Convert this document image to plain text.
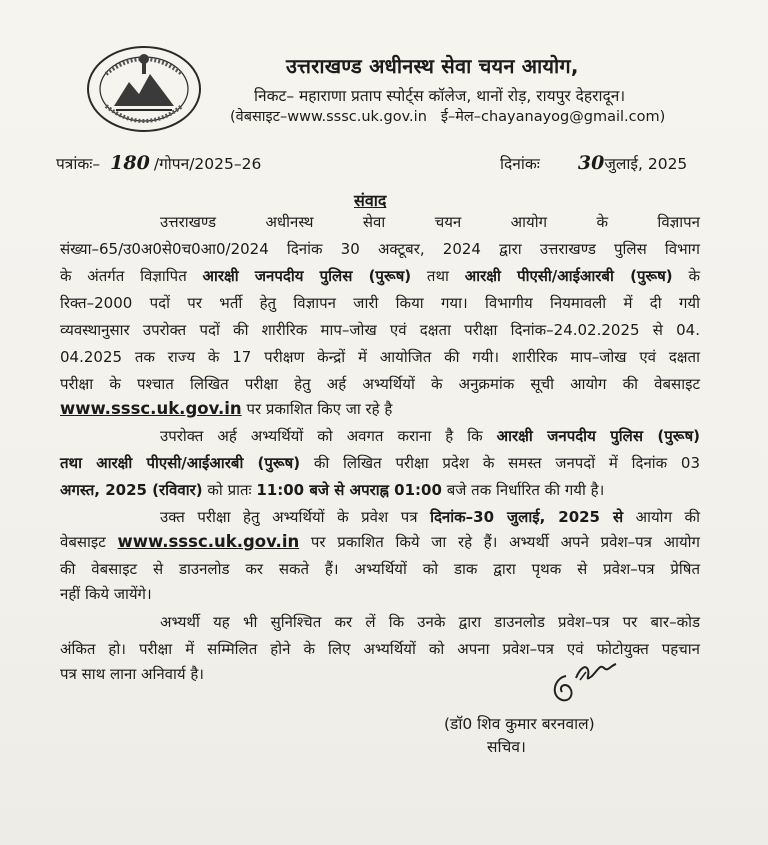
उत्तराखण्ड अधीनस्थ सेवा चयन आयोग,
निकट– महाराणा प्रताप स्पोर्ट्स कॉलेज, थानों रोड़, रायपुर देहरादून।
(वेबसाइट–www.sssc.uk.gov.in ई–मेल–chayanayog@gmail.com)
पत्रांकः– 180 /गोपन/2025–26	दिनांकः 30जुलाई, 2025
संवाद
उत्तराखण्ड अधीनस्थ सेवा चयन आयोग के विज्ञापन
संख्या–65/उ0अ0से0च0आ0/2024 दिनांक 30 अक्टूबर, 2024 द्वारा उत्तराखण्ड पुलिस विभाग
के अंतर्गत विज्ञापित आरक्षी जनपदीय पुलिस (पुरूष) तथा आरक्षी पीएसी/आईआरबी (पुरूष) के
रिक्त–2000 पदों पर भर्ती हेतु विज्ञापन जारी किया गया। विभागीय नियमावली में दी गयी
व्यवस्थानुसार उपरोक्त पदों की शारीरिक माप–जोख एवं दक्षता परीक्षा दिनांक–24.02.2025 से 04.
04.2025 तक राज्य के 17 परीक्षण केन्द्रों में आयोजित की गयी। शारीरिक माप–जोख एवं दक्षता
परीक्षा के पश्चात लिखित परीक्षा हेतु अर्ह अभ्यर्थियों के अनुक्रमांक सूची आयोग की वेबसाइट
www.sssc.uk.gov.in पर प्रकाशित किए जा रहे है
उपरोक्त अर्ह अभ्यर्थियों को अवगत कराना है कि आरक्षी जनपदीय पुलिस (पुरूष)
तथा आरक्षी पीएसी/आईआरबी (पुरूष) की लिखित परीक्षा प्रदेश के समस्त जनपदों में दिनांक 03
अगस्त, 2025 (रविवार) को प्रातः 11:00 बजे से अपराह्न 01:00 बजे तक निर्धारित की गयी है।
उक्त परीक्षा हेतु अभ्यर्थियों के प्रवेश पत्र दिनांक–30 जुलाई, 2025 से आयोग की
वेबसाइट www.sssc.uk.gov.in पर प्रकाशित किये जा रहे हैं। अभ्यर्थी अपने प्रवेश–पत्र आयोग
की वेबसाइट से डाउनलोड कर सकते हैं। अभ्यर्थियों को डाक द्वारा पृथक से प्रवेश–पत्र प्रेषित
नहीं किये जायेंगे।
अभ्यर्थी यह भी सुनिश्चित कर लें कि उनके द्वारा डाउनलोड प्रवेश–पत्र पर बार–कोड
अंकित हो। परीक्षा में सम्मिलित होने के लिए अभ्यर्थियों को अपना प्रवेश–पत्र एवं फोटोयुक्त पहचान
पत्र साथ लाना अनिवार्य है।
(डॉ0 शिव कुमार बरनवाल)
सचिव।
